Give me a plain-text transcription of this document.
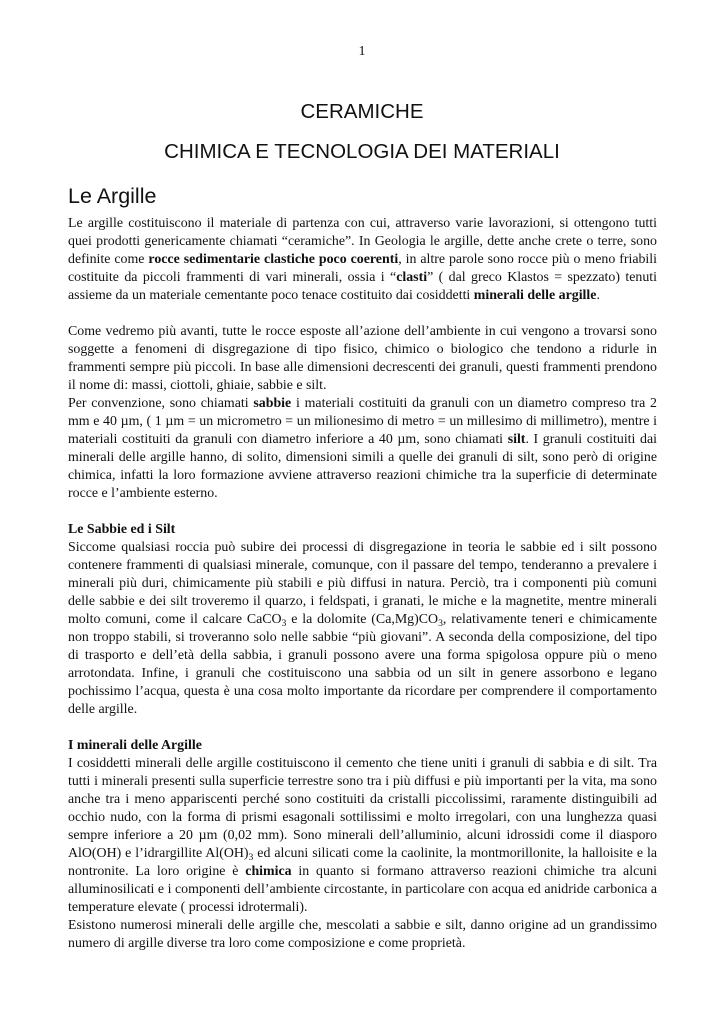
1
CERAMICHE
CHIMICA E TECNOLOGIA DEI MATERIALI
Le Argille

Le argille costituiscono il materiale di partenza con cui, attraverso varie lavorazioni, si ottengono tutti quei prodotti genericamente chiamati “ceramiche”. In Geologia le argille, dette anche crete o terre, sono definite come rocce sedimentarie clastiche poco coerenti, in altre parole sono rocce più o meno friabili costituite da piccoli frammenti di vari minerali, ossia i “clasti” ( dal greco Klastos = spezzato) tenuti assieme da un materiale cementante poco tenace costituito dai cosiddetti minerali delle argille.

Come vedremo più avanti, tutte le rocce esposte all’azione dell’ambiente in cui vengono a trovarsi sono soggette a fenomeni di disgregazione di tipo fisico, chimico o biologico che tendono a ridurle in frammenti sempre più piccoli. In base alle dimensioni decrescenti dei granuli, questi frammenti prendono il nome di: massi, ciottoli, ghiaie, sabbie e silt.

Per convenzione, sono chiamati sabbie i materiali costituiti da granuli con un diametro compreso tra 2 mm e 40 µm, ( 1 µm = un micrometro = un milionesimo di metro = un millesimo di millimetro), mentre i materiali costituiti da granuli con diametro inferiore a 40 µm, sono chiamati silt. I granuli costituiti dai minerali delle argille hanno, di solito, dimensioni simili a quelle dei granuli di silt, sono però di origine chimica, infatti la loro formazione avviene attraverso reazioni chimiche tra la superficie di determinate rocce e l’ambiente esterno.

Le Sabbie ed i Silt

Siccome qualsiasi roccia può subire dei processi di disgregazione in teoria le sabbie ed i silt possono contenere frammenti di qualsiasi minerale, comunque, con il passare del tempo, tenderanno a prevalere i minerali più duri, chimicamente più stabili e più diffusi in natura. Perciò, tra i componenti più comuni delle sabbie e dei silt troveremo il quarzo, i feldspati, i granati, le miche e la magnetite, mentre minerali molto comuni, come il calcare CaCO$_3$ e la dolomite $(Ca,Mg)CO_3$, relativamente teneri e chimicamente non troppo stabili, si troveranno solo nelle sabbie “più giovani”. A seconda della composizione, del tipo di trasporto e dell’età della sabbia, i granuli possono avere una forma spigolosa oppure più o meno arrotondata. Infine, i granuli che costituiscono una sabbia od un silt in genere assorbono e legano pochissimo l’acqua, questa è una cosa molto importante da ricordare per comprendere il comportamento delle argille.

I minerali delle Argille

I cosiddetti minerali delle argille costituiscono il cemento che tiene uniti i granuli di sabbia e di silt. Tra tutti i minerali presenti sulla superficie terrestre sono tra i più diffusi e più importanti per la vita, ma sono anche tra i meno appariscenti perché sono costituiti da cristalli piccolissimi, raramente distinguibili ad occhio nudo, con la forma di prismi esagonali sottilissimi e molto irregolari, con una lunghezza quasi sempre inferiore a 20 µm (0,02 mm). Sono minerali dell’alluminio, alcuni idrossidi come il diasporo AlO(OH) e l’idrargillite $Al(OH)_3$ ed alcuni silicati come la caolinite, la montmorillonite, la halloisite e la nontronite. La loro origine è chimica in quanto si formano attraverso reazioni chimiche tra alcuni alluminosilicati e i componenti dell’ambiente circostante, in particolare con acqua ed anidride carbonica a temperature elevate ( processi idrotermali).

Esistono numerosi minerali delle argille che, mescolati a sabbie e silt, danno origine ad un grandissimo numero di argille diverse tra loro come composizione e come proprietà.
